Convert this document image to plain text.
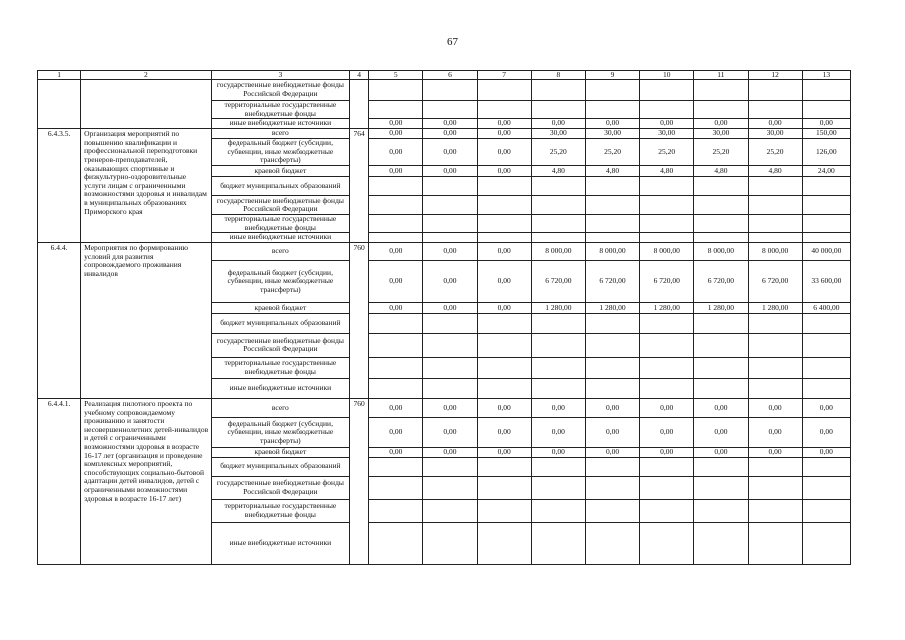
67
1	2	3	4	5	6	7	8	9	10	11	12	13
		государственные внебюджетные фонды Российской Федерации										
		территориальные государственные внебюджетные фонды										
		иные внебюджетные источники		0,00	0,00	0,00	0,00	0,00	0,00	0,00	0,00	0,00
6.4.3.5.	Организация мероприятий по повышению квалификации и профессиональной переподготовки тренеров-преподавателей, оказывающих спортивные и физкультурно-оздоровительные услуги лицам с ограниченными возможностями здоровья и инвалидам в муниципальных образованиях Приморского края	всего	764	0,00	0,00	0,00	30,00	30,00	30,00	30,00	30,00	150,00
		федеральный бюджет (субсидии, субвенции, иные межбюджетные трансферты)		0,00	0,00	0,00	25,20	25,20	25,20	25,20	25,20	126,00
		краевой бюджет		0,00	0,00	0,00	4,80	4,80	4,80	4,80	4,80	24,00
		бюджет муниципальных образований										
		государственные внебюджетные фонды Российской Федерации										
		территориальные государственные внебюджетные фонды										
		иные внебюджетные источники										
6.4.4.	Мероприятия по формированию условий для развития сопровождаемого проживания инвалидов	всего	760	0,00	0,00	0,00	8 000,00	8 000,00	8 000,00	8 000,00	8 000,00	40 000,00
		федеральный бюджет (субсидии, субвенции, иные межбюджетные трансферты)		0,00	0,00	0,00	6 720,00	6 720,00	6 720,00	6 720,00	6 720,00	33 600,00
		краевой бюджет		0,00	0,00	0,00	1 280,00	1 280,00	1 280,00	1 280,00	1 280,00	6 400,00
		бюджет муниципальных образований										
		государственные внебюджетные фонды Российской Федерации										
		территориальные государственные внебюджетные фонды										
		иные внебюджетные источники										
6.4.4.1.	Реализация пилотного проекта по учебному сопровождаемому проживанию и занятости несовершеннолетних детей-инвалидов и детей с ограниченными возможностями здоровья в возрасте 16-17 лет (организация и проведение комплексных мероприятий, способствующих социально-бытовой адаптации детей инвалидов, детей с ограниченными возможностями здоровья в возрасте 16-17 лет)	всего	760	0,00	0,00	0,00	0,00	0,00	0,00	0,00	0,00	0,00
		федеральный бюджет (субсидии, субвенции, иные межбюджетные трансферты)		0,00	0,00	0,00	0,00	0,00	0,00	0,00	0,00	0,00
		краевой бюджет		0,00	0,00	0,00	0,00	0,00	0,00	0,00	0,00	0,00
		бюджет муниципальных образований										
		государственные внебюджетные фонды Российской Федерации										
		территориальные государственные внебюджетные фонды										
		иные внебюджетные источники										
